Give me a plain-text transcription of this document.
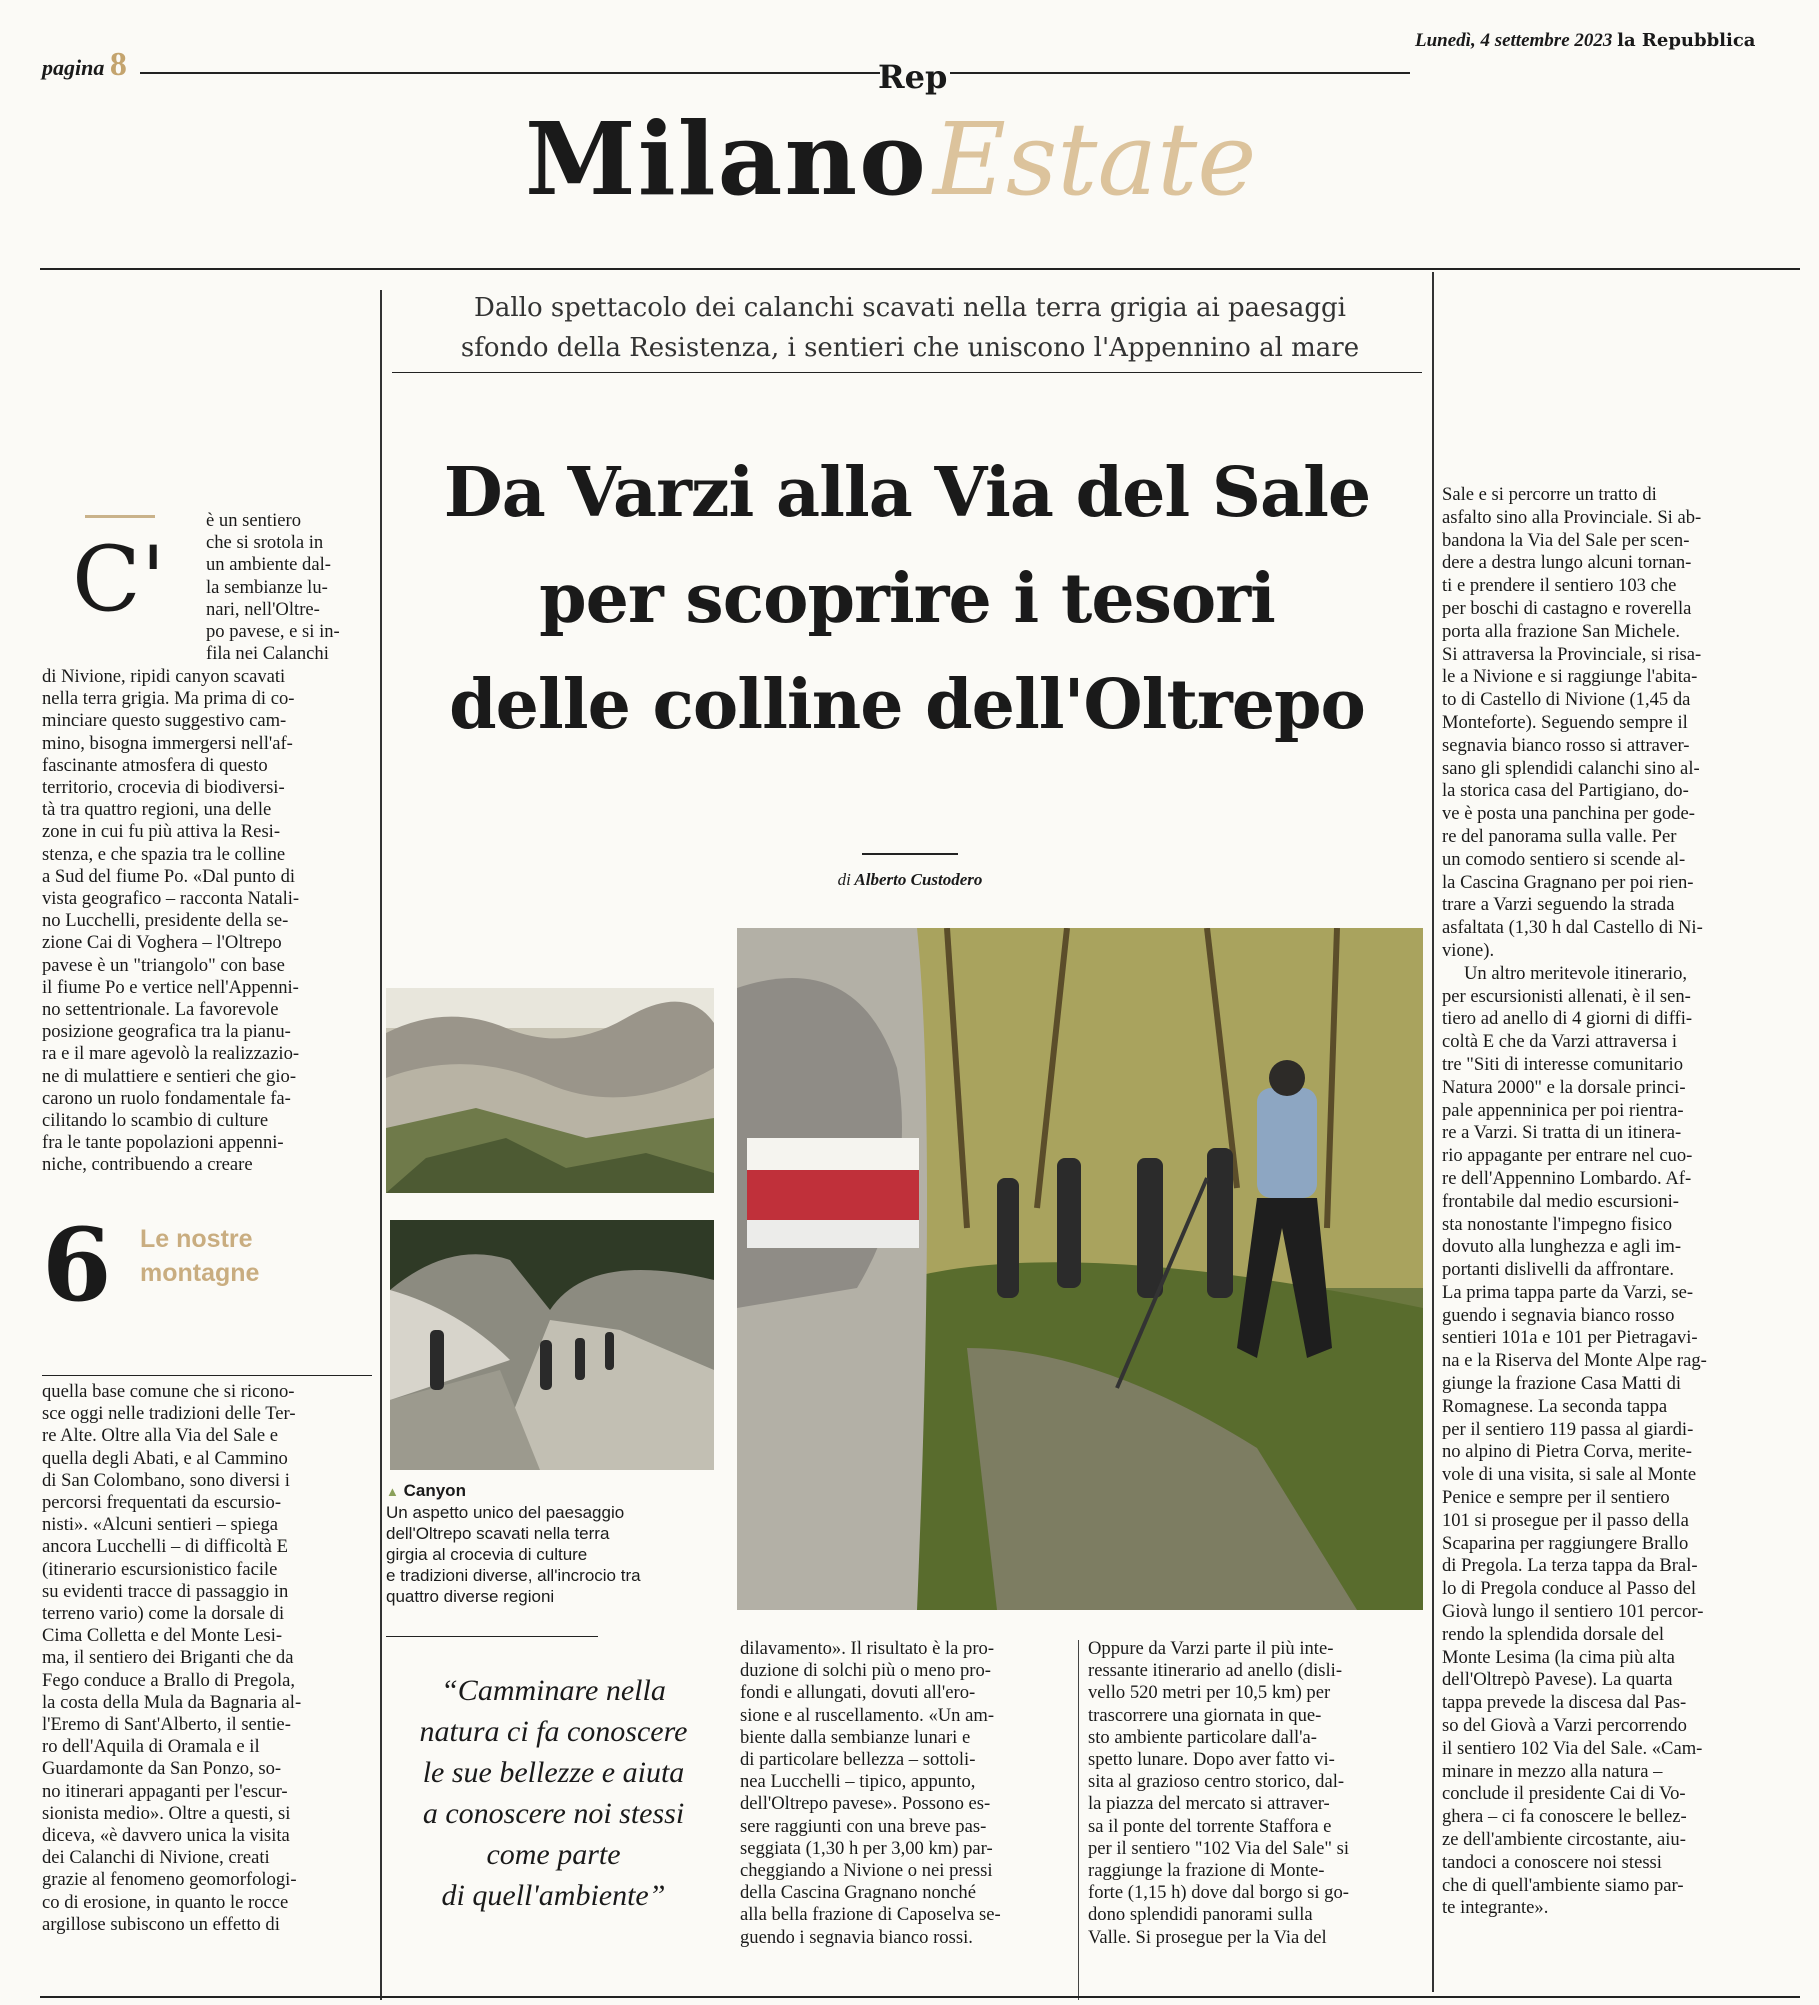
pagina 8	Rep
Lunedì, 4 settembre 2023 la Repubblica
Milano Estate
Dallo spettacolo dei calanchi scavati nella terra grigia ai paesaggi
sfondo della Resistenza, i sentieri che uniscono l'Appennino al mare
Da Varzi alla Via del Sale
per scoprire i tesori
delle colline dell'Oltrepo
di Alberto Custodero
C'

è un sentiero

che si srotola in

un ambiente dal-

la sembianze lu-

nari, nell'Oltre-

po pavese, e si in-

fila nei Calanchi

di Nivione, ripidi canyon scavati

nella terra grigia. Ma prima di co-

minciare questo suggestivo cam-

mino, bisogna immergersi nell'af-

fascinante atmosfera di questo

territorio, crocevia di biodiversi-

tà tra quattro regioni, una delle

zone in cui fu più attiva la Resi-

stenza, e che spazia tra le colline

a Sud del fiume Po. «Dal punto di

vista geografico – racconta Natali-

no Lucchelli, presidente della se-

zione Cai di Voghera – l'Oltrepo

pavese è un "triangolo" con base

il fiume Po e vertice nell'Appenni-

no settentrionale. La favorevole

posizione geografica tra la pianu-

ra e il mare agevolò la realizzazio-

ne di mulattiere e sentieri che gio-

carono un ruolo fondamentale fa-

cilitando lo scambio di culture

fra le tante popolazioni appenni-

niche, contribuendo a creare

6 Le nostre
montagne

quella base comune che si ricono-

sce oggi nelle tradizioni delle Ter-

re Alte. Oltre alla Via del Sale e

quella degli Abati, e al Cammino

di San Colombano, sono diversi i

percorsi frequentati da escursio-

nisti». «Alcuni sentieri – spiega

ancora Lucchelli – di difficoltà E

(itinerario escursionistico facile

su evidenti tracce di passaggio in

terreno vario) come la dorsale di

Cima Colletta e del Monte Lesi-

ma, il sentiero dei Briganti che da

Fego conduce a Brallo di Pregola,

la costa della Mula da Bagnaria al-

l'Eremo di Sant'Alberto, il sentie-

ro dell'Aquila di Oramala e il

Guardamonte da San Ponzo, so-

no itinerari appaganti per l'escur-

sionista medio». Oltre a questi, si

diceva, «è davvero unica la visita

dei Calanchi di Nivione, creati

grazie al fenomeno geomorfologi-

co di erosione, in quanto le rocce

argillose subiscono un effetto di

▲ Canyon
Un aspetto unico del paesaggio
dell'Oltrepo scavati nella terra
girgia al crocevia di culture
e tradizioni diverse, all'incrocio tra
quattro diverse regioni
“Camminare nella
natura ci fa conoscere
le sue bellezze e aiuta
a conoscere noi stessi
come parte
di quell'ambiente”

dilavamento». Il risultato è la pro-

duzione di solchi più o meno pro-

fondi e allungati, dovuti all'ero-

sione e al ruscellamento. «Un am-

biente dalla sembianze lunari e

di particolare bellezza – sottoli-

nea Lucchelli – tipico, appunto,

dell'Oltrepo pavese». Possono es-

sere raggiunti con una breve pas-

seggiata (1,30 h per 3,00 km) par-

cheggiando a Nivione o nei pressi

della Cascina Gragnano nonché

alla bella frazione di Caposelva se-

guendo i segnavia bianco rossi.

Oppure da Varzi parte il più inte-

ressante itinerario ad anello (disli-

vello 520 metri per 10,5 km) per

trascorrere una giornata in que-

sto ambiente particolare dall'a-

spetto lunare. Dopo aver fatto vi-

sita al grazioso centro storico, dal-

la piazza del mercato si attraver-

sa il ponte del torrente Staffora e

per il sentiero "102 Via del Sale" si

raggiunge la frazione di Monte-

forte (1,15 h) dove dal borgo si go-

dono splendidi panorami sulla

Valle. Si prosegue per la Via del

Sale e si percorre un tratto di

asfalto sino alla Provinciale. Si ab-

bandona la Via del Sale per scen-

dere a destra lungo alcuni tornan-

ti e prendere il sentiero 103 che

per boschi di castagno e roverella

porta alla frazione San Michele.

Si attraversa la Provinciale, si risa-

le a Nivione e si raggiunge l'abita-

to di Castello di Nivione (1,45 da

Monteforte). Seguendo sempre il

segnavia bianco rosso si attraver-

sano gli splendidi calanchi sino al-

la storica casa del Partigiano, do-

ve è posta una panchina per gode-

re del panorama sulla valle. Per

un comodo sentiero si scende al-

la Cascina Gragnano per poi rien-

trare a Varzi seguendo la strada

asfaltata (1,30 h dal Castello di Ni-

vione).

Un altro meritevole itinerario,

per escursionisti allenati, è il sen-

tiero ad anello di 4 giorni di diffi-

coltà E che da Varzi attraversa i

tre "Siti di interesse comunitario

Natura 2000" e la dorsale princi-

pale appenninica per poi rientra-

re a Varzi. Si tratta di un itinera-

rio appagante per entrare nel cuo-

re dell'Appennino Lombardo. Af-

frontabile dal medio escursioni-

sta nonostante l'impegno fisico

dovuto alla lunghezza e agli im-

portanti dislivelli da affrontare.

La prima tappa parte da Varzi, se-

guendo i segnavia bianco rosso

sentieri 101a e 101 per Pietragavi-

na e la Riserva del Monte Alpe rag-

giunge la frazione Casa Matti di

Romagnese. La seconda tappa

per il sentiero 119 passa al giardi-

no alpino di Pietra Corva, merite-

vole di una visita, si sale al Monte

Penice e sempre per il sentiero

101 si prosegue per il passo della

Scaparina per raggiungere Brallo

di Pregola. La terza tappa da Bral-

lo di Pregola conduce al Passo del

Giovà lungo il sentiero 101 percor-

rendo la splendida dorsale del

Monte Lesima (la cima più alta

dell'Oltrepò Pavese). La quarta

tappa prevede la discesa dal Pas-

so del Giovà a Varzi percorrendo

il sentiero 102 Via del Sale. «Cam-

minare in mezzo alla natura –

conclude il presidente Cai di Vo-

ghera – ci fa conoscere le bellez-

ze dell'ambiente circostante, aiu-

tandoci a conoscere noi stessi

che di quell'ambiente siamo par-

te integrante».
